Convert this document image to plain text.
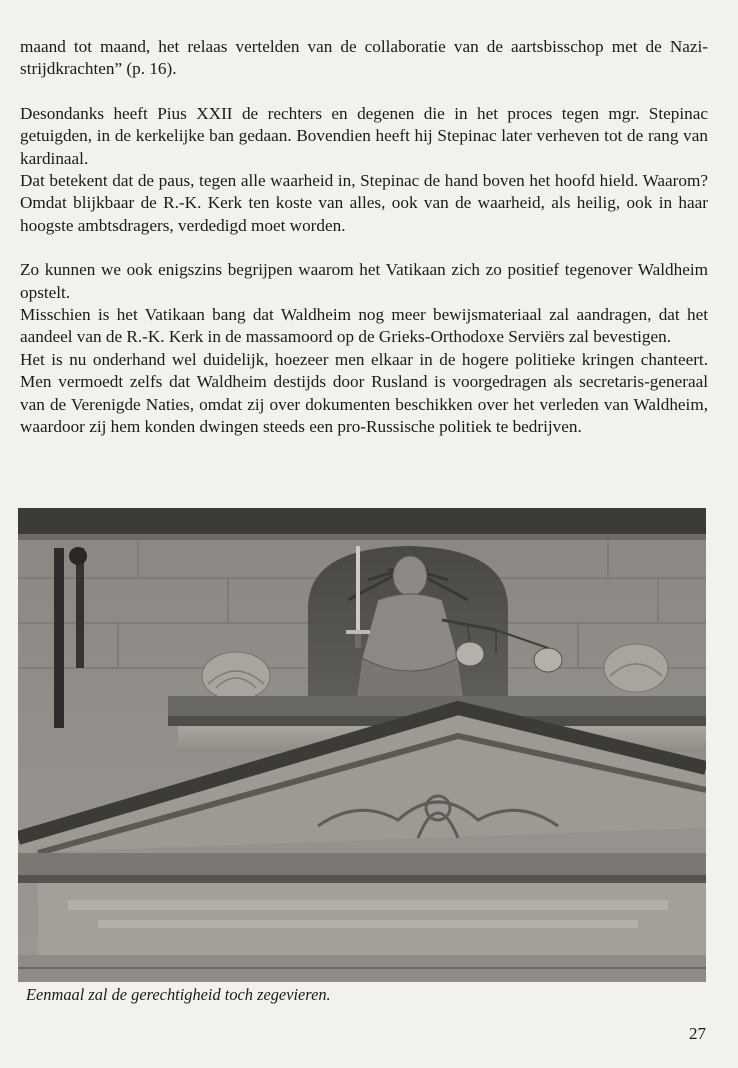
maand tot maand, het relaas vertelden van de collaboratie van de aartsbisschop met de Nazi-strijdkrachten” (p. 16).

Desondanks heeft Pius XXII de rechters en degenen die in het proces tegen mgr. Stepinac getuigden, in de kerkelijke ban gedaan. Bovendien heeft hij Stepinac later verheven tot de rang van kardinaal.

Dat betekent dat de paus, tegen alle waarheid in, Stepinac de hand boven het hoofd hield. Waarom? Omdat blijkbaar de R.-K. Kerk ten koste van alles, ook van de waarheid, als heilig, ook in haar hoogste ambtsdragers, verdedigd moet worden.

Zo kunnen we ook enigszins begrijpen waarom het Vatikaan zich zo positief tegenover Waldheim opstelt.

Misschien is het Vatikaan bang dat Waldheim nog meer bewijsmateriaal zal aandragen, dat het aandeel van de R.-K. Kerk in de massamoord op de Grieks-Orthodoxe Serviërs zal bevestigen.

Het is nu onderhand wel duidelijk, hoezeer men elkaar in de hogere politieke kringen chanteert. Men vermoedt zelfs dat Waldheim destijds door Rusland is voorgedragen als secretaris-generaal van de Verenigde Naties, omdat zij over dokumenten beschikken over het verleden van Waldheim, waardoor zij hem konden dwingen steeds een pro-Russische politiek te bedrijven.

Eenmaal zal de gerechtigheid toch zegevieren.
27
